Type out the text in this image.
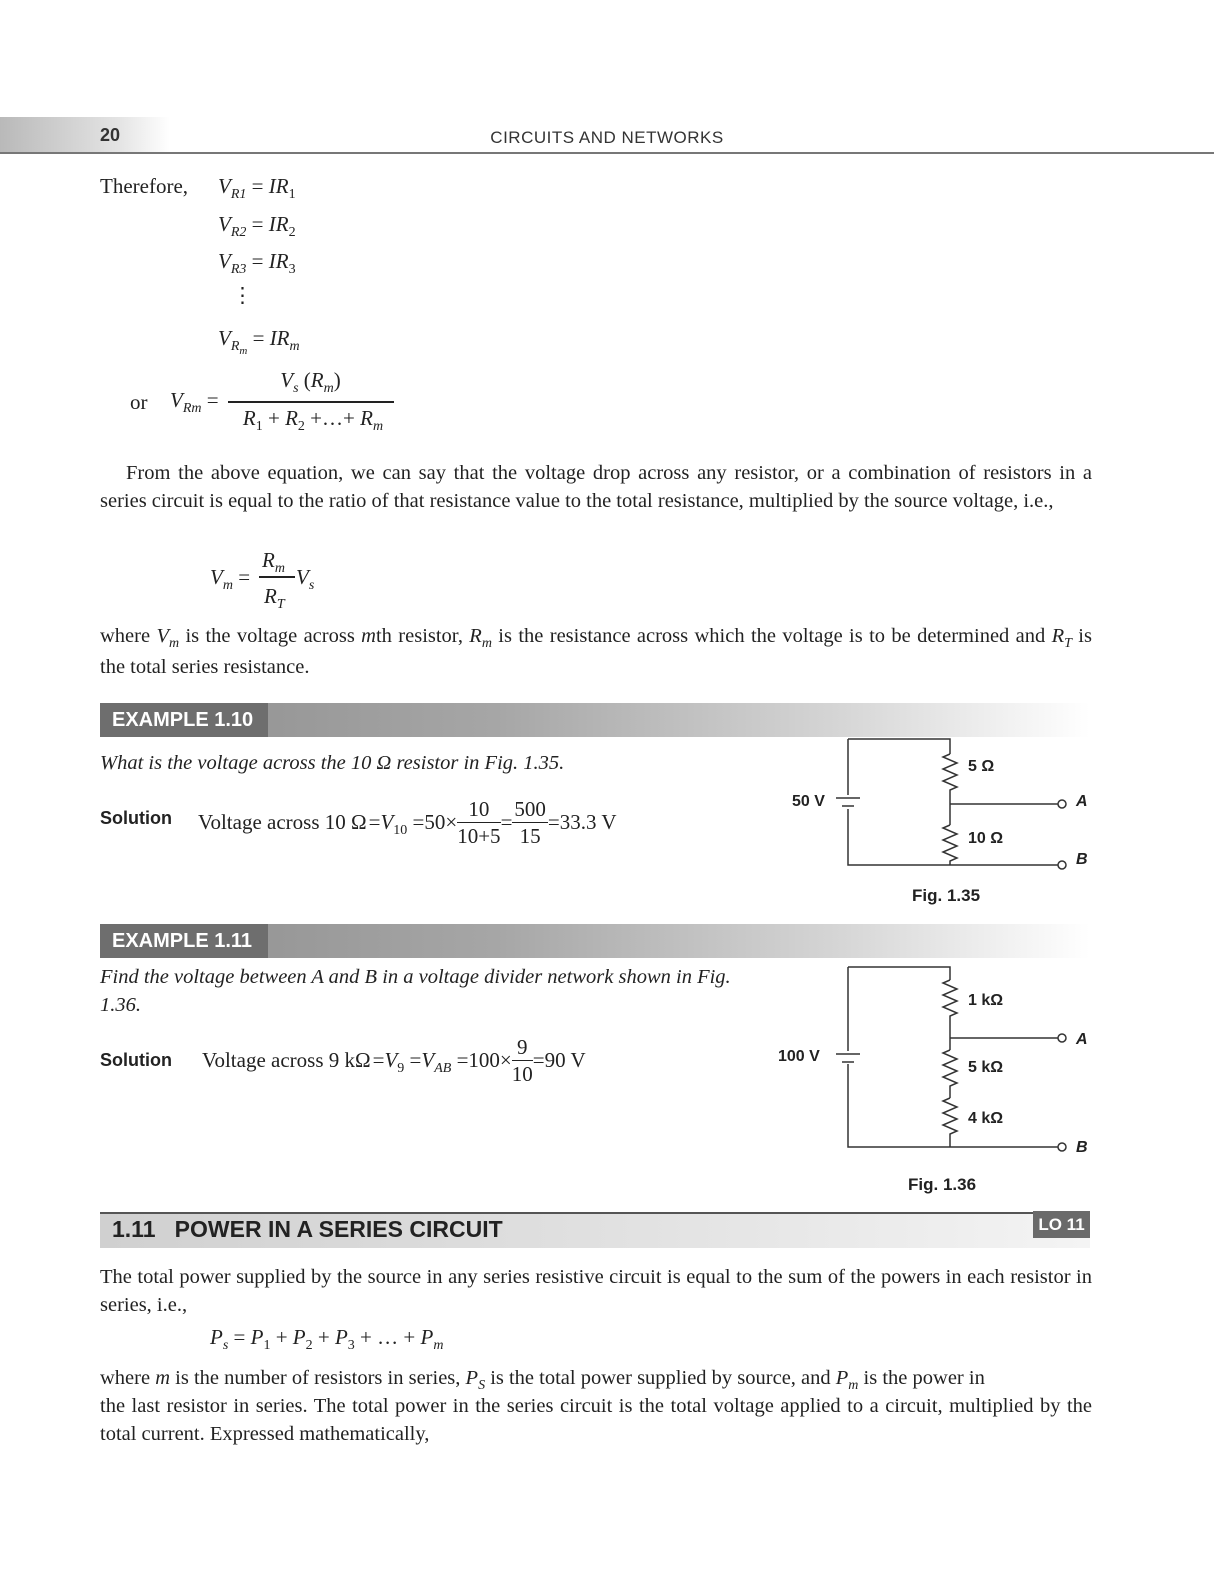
20	CIRCUITS AND NETWORKS
Therefore, $V_{R1} = IR_1$
$V_{R2} = IR_2$
$V_{R3} = IR_3$
⋮
$V_{R_m} = IR_m$
or $V_{Rm}$ =
$V_s$ $(R_m)$
$R_1 + R_2$ +…+ $R_m$
From the above equation, we can say that the voltage drop across any resistor, or a combination of resistors in a series circuit is equal to the ratio of that resistance value to the total resistance, multiplied by the source voltage, i.e.,
$V_m$ =
$R_m$
$R_T$
$V_s$
where $V_m$ is the voltage across mth resistor, $R_m$ is the resistance across which the voltage is to be determined and $R_T$ is the total series resistance.
EXAMPLE 1.10
What is the voltage across the 10 Ω resistor in Fig. 1.35.
Solution Voltage across 10 $\Omega =V_{10} =50\times \frac{10}{10+5} = \frac{500}{15} =33.3$ V
50 V
5 Ω
10 Ω
A
B
Fig. 1.35
EXAMPLE 1.11
Find the voltage between A and B in a voltage divider network shown in Fig. 1.36.
Solution Voltage across 9 $k\Omega =V_9 =V_{AB} =100\times \frac{9}{10} =90$ V	100 V
1 kΩ
5 kΩ
4 kΩ
A
B
Fig. 1.36
1.11   POWER IN A SERIES CIRCUIT	LO 11
The total power supplied by the source in any series resistive circuit is equal to the sum of the powers in each resistor in series, i.e.,
$P_s = P_1 + P_2 + P_3$ + … + $P_m$
where m is the number of resistors in series, $P_S$ is the total power supplied by source, and $P_m$ is the power in
the last resistor in series. The total power in the series circuit is the total voltage applied to a circuit, multiplied by the total current. Expressed mathematically,
